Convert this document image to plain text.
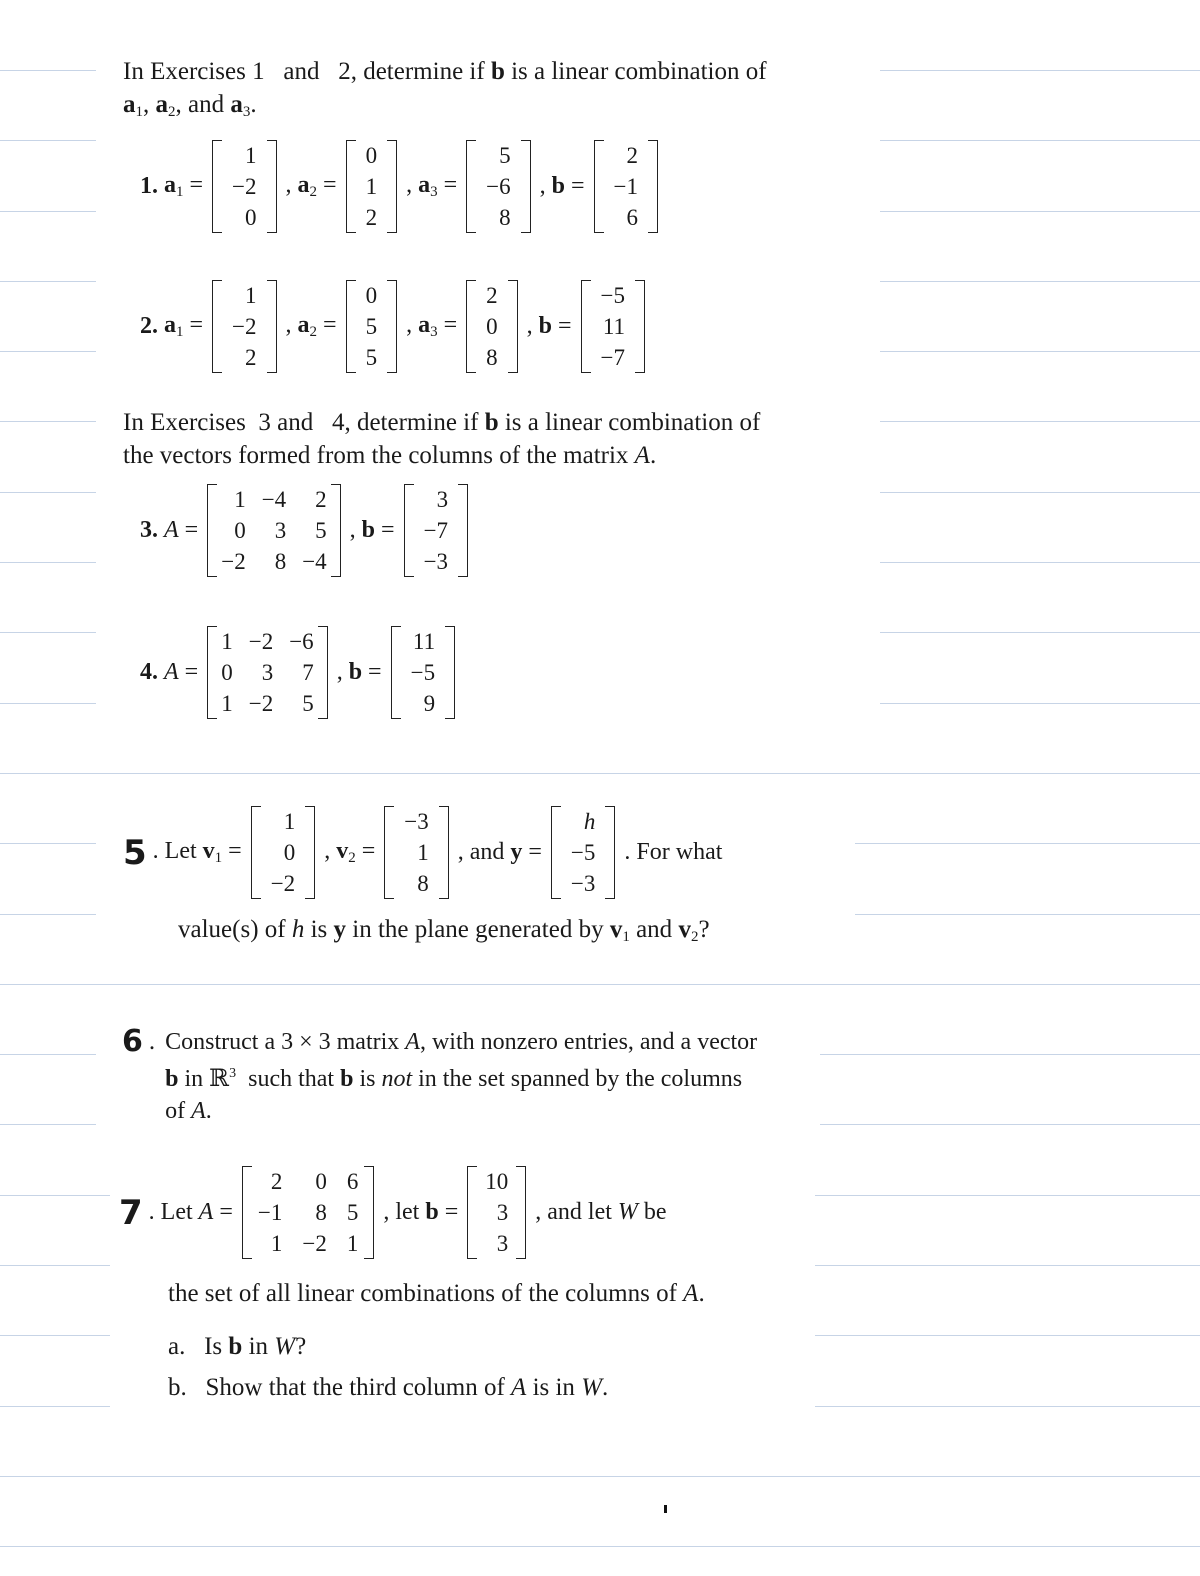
In Exercises 1   and   2, determine if b is a linear combination of
$a_1$, $a_2$, and $a_3$.
1. $a_1$ =
1
−2
0
, $a_2$ =
0
1
2
, $a_3$ =
5
−6
8
, b =
2
−1
6
2. $a_1$ =
1
−2
2
, $a_2$ =
0
5
5
, $a_3$ =
2
0
8
, b =
−5
11
−7
In Exercises  3 and   4, determine if b is a linear combination of
the vectors formed from the columns of the matrix A.
3. A =
1
0
−2
−4
3
8
2
5
−4
, b =
3
−7
−3
4. A =
1
0
1
−2
3
−2
−6
7
5
, b =
11
−5
9
5 . Let $v_1$ =
1
0
−2
, $v_2$ =
−3
1
8
, and y =
h
−5
−3
. For what
value(s) of h is y in the plane generated by $v_1$ and $v_2$?
6 . Construct a 3 × 3 matrix A, with nonzero entries, and a vector
b in ℝ$^3$  such that b is not in the set spanned by the columns
of A.
7 . Let A =
2
−1
1
0
8
−2
6
5
1
, let b =
10
3
3
, and let W be
the set of all linear combinations of the columns of A.
a.   Is b in W?
b.   Show that the third column of A is in W.
